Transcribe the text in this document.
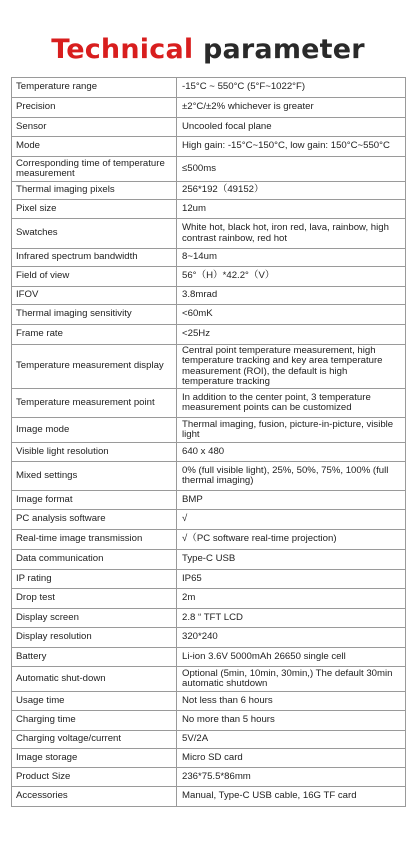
Technical parameter
Temperature range	-15°C ~ 550°C (5°F~1022°F)
Precision	±2°C/±2% whichever is greater
Sensor	Uncooled focal plane
Mode	High gain: -15°C~150°C, low gain: 150°C~550°C
Corresponding time of temperature measurement	≤500ms
Thermal imaging pixels	256*192（49152）
Pixel size	12um
Swatches	White hot, black hot, iron red, lava, rainbow, high contrast rainbow, red hot
Infrared spectrum bandwidth	8~14um
Field of view	56°（H）*42.2°（V）
IFOV	3.8mrad
Thermal imaging sensitivity	<60mK
Frame rate	<25Hz
Temperature measurement display	Central point temperature measurement, high temperature tracking and key area temperature measurement (ROI), the default is high temperature tracking
Temperature measurement point	In addition to the center point, 3 temperature measurement points can be customized
Image mode	Thermal imaging, fusion, picture-in-picture, visible light
Visible light resolution	640 x 480
Mixed settings	0% (full visible light), 25%, 50%, 75%, 100% (full thermal imaging)
Image format	BMP
PC analysis software	√
Real-time image transmission	√（PC software real-time projection)
Data communication	Type-C USB
IP rating	IP65
Drop test	2m
Display screen	2.8 “ TFT LCD
Display resolution	320*240
Battery	Li-ion 3.6V 5000mAh 26650 single cell
Automatic shut-down	Optional (5min, 10min, 30min,) The default 30min automatic shutdown
Usage time	Not less than 6 hours
Charging time	No more than 5 hours
Charging voltage/current	5V/2A
Image storage	Micro SD card
Product Size	236*75.5*86mm
Accessories	Manual, Type-C USB cable, 16G TF card
